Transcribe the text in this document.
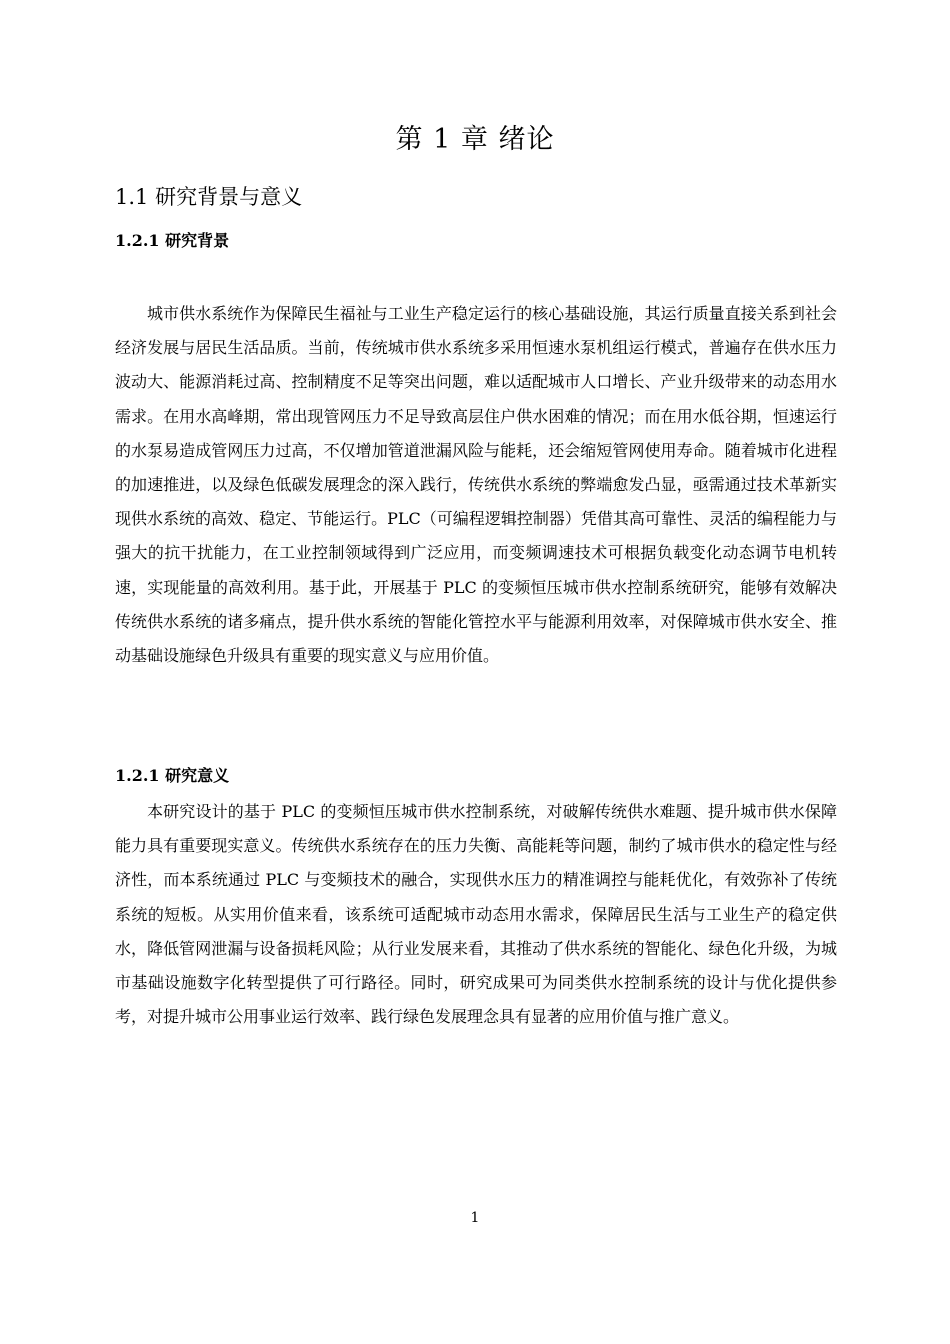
第 1 章 绪论
1.1 研究背景与意义
1.2.1 研究背景

城市供水系统作为保障民生福祉与工业生产稳定运行的核心基础设施，其运行质量直接关系到社会经济发展与居民生活品质。当前，传统城市供水系统多采用恒速水泵机组运行模式，普遍存在供水压力波动大、能源消耗过高、控制精度不足等突出问题，难以适配城市人口增长、产业升级带来的动态用水需求。在用水高峰期，常出现管网压力不足导致高层住户供水困难的情况；而在用水低谷期，恒速运行的水泵易造成管网压力过高，不仅增加管道泄漏风险与能耗，还会缩短管网使用寿命。随着城市化进程的加速推进，以及绿色低碳发展理念的深入践行，传统供水系统的弊端愈发凸显，亟需通过技术革新实现供水系统的高效、稳定、节能运行。PLC（可编程逻辑控制器）凭借其高可靠性、灵活的编程能力与强大的抗干扰能力，在工业控制领域得到广泛应用，而变频调速技术可根据负载变化动态调节电机转速，实现能量的高效利用。基于此，开展基于 PLC 的变频恒压城市供水控制系统研究，能够有效解决传统供水系统的诸多痛点，提升供水系统的智能化管控水平与能源利用效率，对保障城市供水安全、推动基础设施绿色升级具有重要的现实意义与应用价值。

1.2.1 研究意义

本研究设计的基于 PLC 的变频恒压城市供水控制系统，对破解传统供水难题、提升城市供水保障能力具有重要现实意义。传统供水系统存在的压力失衡、高能耗等问题，制约了城市供水的稳定性与经济性，而本系统通过 PLC 与变频技术的融合，实现供水压力的精准调控与能耗优化，有效弥补了传统系统的短板。从实用价值来看，该系统可适配城市动态用水需求，保障居民生活与工业生产的稳定供水，降低管网泄漏与设备损耗风险；从行业发展来看，其推动了供水系统的智能化、绿色化升级，为城市基础设施数字化转型提供了可行路径。同时，研究成果可为同类供水控制系统的设计与优化提供参考，对提升城市公用事业运行效率、践行绿色发展理念具有显著的应用价值与推广意义。

1
